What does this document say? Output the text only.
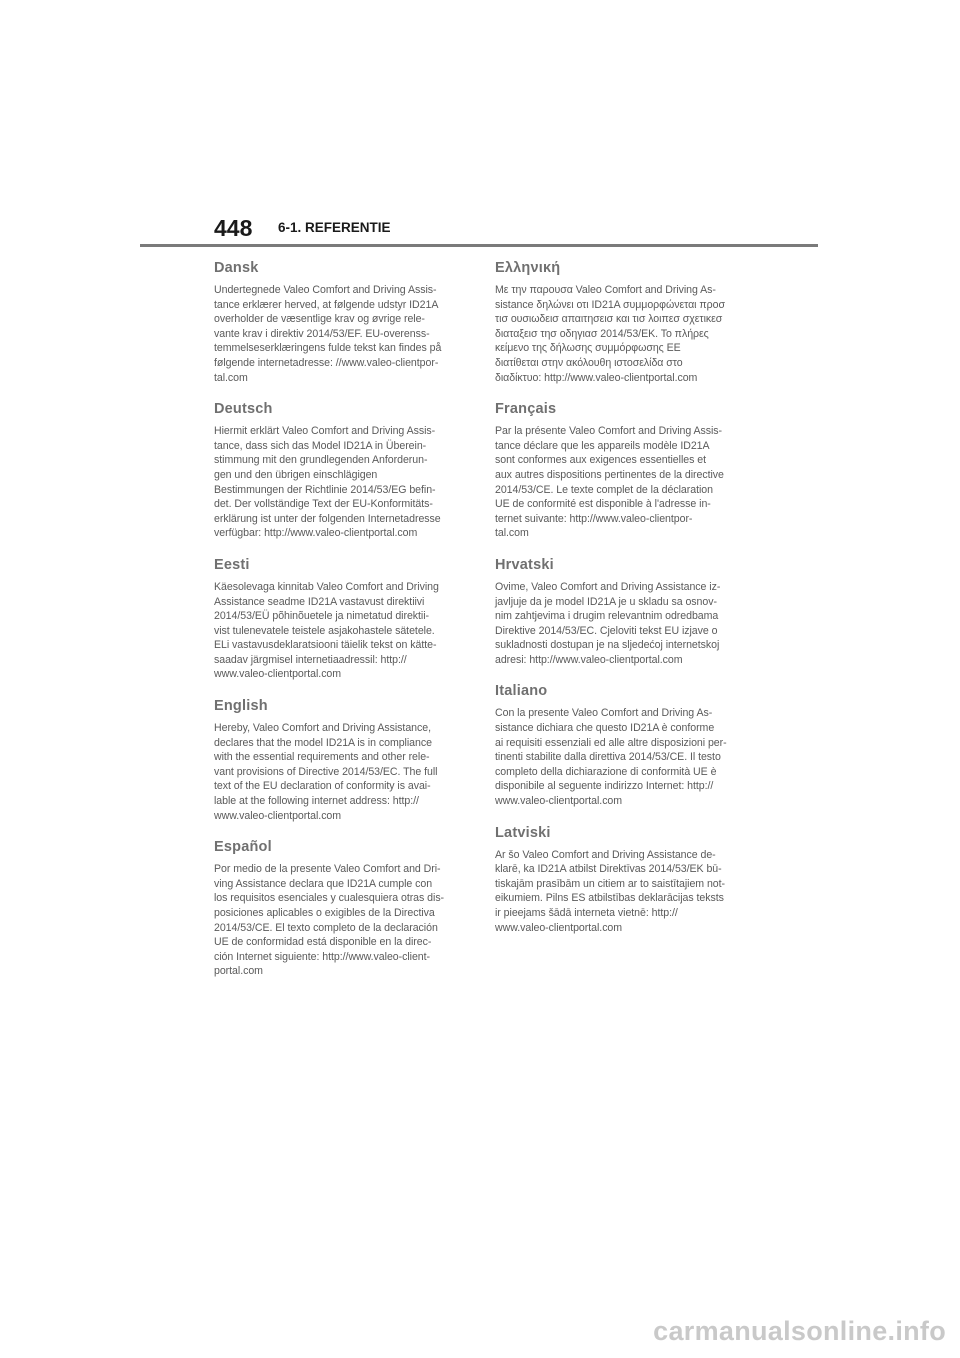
448 6-1. REFERENTIE
Dansk

Undertegnede Valeo Comfort and Driving Assis-
tance erklærer herved, at følgende udstyr ID21A
overholder de væsentlige krav og øvrige rele-
vante krav i direktiv 2014/53/EF. EU-overenss-
temmelseserklæringens fulde tekst kan findes på
følgende internetadresse: //www.valeo-clientpor-
tal.com

Deutsch

Hiermit erklärt Valeo Comfort and Driving Assis-
tance, dass sich das Model ID21A in Überein-
stimmung mit den grundlegenden Anforderun-
gen und den übrigen einschlägigen
Bestimmungen der Richtlinie 2014/53/EG befin-
det. Der vollständige Text der EU-Konformitäts-
erklärung ist unter der folgenden Internetadresse
verfügbar: http://www.valeo-clientportal.com

Eesti

Käesolevaga kinnitab Valeo Comfort and Driving
Assistance seadme ID21A vastavust direktiivi
2014/53/EÜ põhinõuetele ja nimetatud direktii-
vist tulenevatele teistele asjakohastele sätetele.
ELi vastavusdeklaratsiooni täielik tekst on kätte-
saadav järgmisel internetiaadressil: http://
www.valeo-clientportal.com

English

Hereby, Valeo Comfort and Driving Assistance,
declares that the model ID21A is in compliance
with the essential requirements and other rele-
vant provisions of Directive 2014/53/EC. The full
text of the EU declaration of conformity is avai-
lable at the following internet address: http://
www.valeo-clientportal.com

Español

Por medio de la presente Valeo Comfort and Dri-
ving Assistance declara que ID21A cumple con
los requisitos esenciales y cualesquiera otras dis-
posiciones aplicables o exigibles de la Directiva
2014/53/CE. El texto completo de la declaración
UE de conformidad está disponible en la direc-
ción Internet siguiente: http://www.valeo-client-
portal.com

Ελληνική

Με την παρουσα Valeo Comfort and Driving As-
sistance δηλώνει οτι ID21A συμμορφώνεται προσ
τισ ουσιωδεισ απαιτησεισ και τισ λοιπεσ σχετικεσ
διαταξεισ τησ οδηγιασ 2014/53/ΕΚ. Το πλήρες
κείμενο της δήλωσης συμμόρφωσης ΕΕ
διατίθεται στην ακόλουθη ιστοσελίδα στο
διαδίκτυο: http://www.valeo-clientportal.com

Français

Par la présente Valeo Comfort and Driving Assis-
tance déclare que les appareils modèle ID21A
sont conformes aux exigences essentielles et
aux autres dispositions pertinentes de la directive
2014/53/CE. Le texte complet de la déclaration
UE de conformité est disponible à l'adresse in-
ternet suivante: http://www.valeo-clientpor-
tal.com

Hrvatski

Ovime, Valeo Comfort and Driving Assistance iz-
javljuje da je model ID21A je u skladu sa osnov-
nim zahtjevima i drugim relevantnim odredbama
Direktive 2014/53/EC. Cjeloviti tekst EU izjave o
sukladnosti dostupan je na sljedećoj internetskoj
adresi: http://www.valeo-clientportal.com

Italiano

Con la presente Valeo Comfort and Driving As-
sistance dichiara che questo ID21A è conforme
ai requisiti essenziali ed alle altre disposizioni per-
tinenti stabilite dalla direttiva 2014/53/CE. Il testo
completo della dichiarazione di conformità UE è
disponibile al seguente indirizzo Internet: http://
www.valeo-clientportal.com

Latviski

Ar šo Valeo Comfort and Driving Assistance de-
klarē, ka ID21A atbilst Direktīvas 2014/53/EK bū-
tiskajām prasībām un citiem ar to saistītajiem not-
eikumiem. Pilns ES atbilstības deklarācijas teksts
ir pieejams šādā interneta vietnē: http://
www.valeo-clientportal.com

carmanualsonline.info
